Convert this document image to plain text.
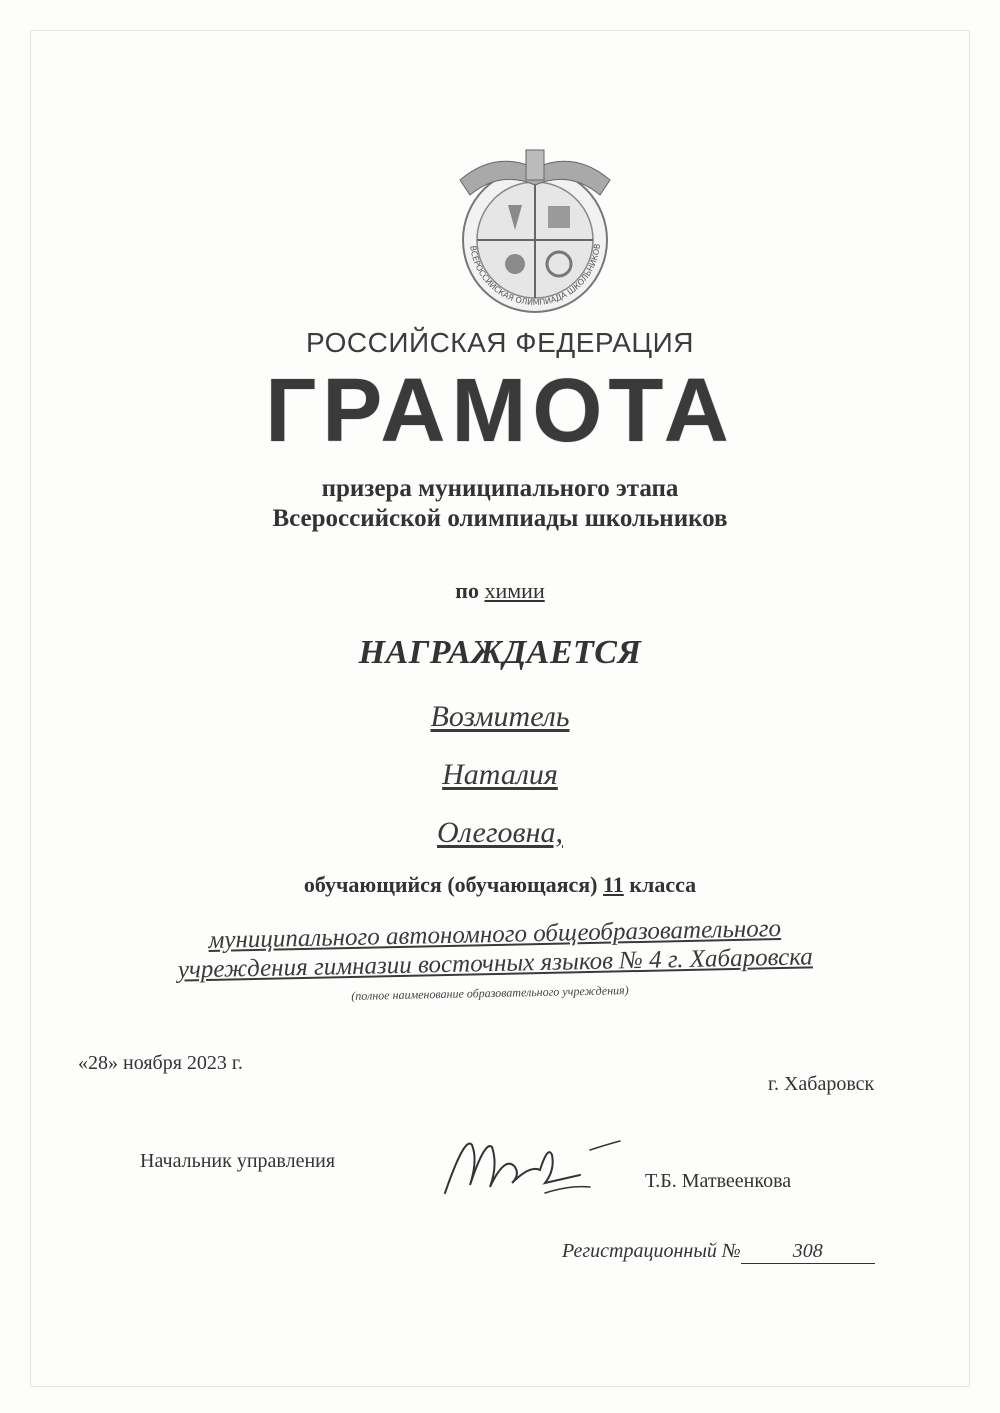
ВСЕРОССИЙСКАЯ ОЛИМПИАДА ШКОЛЬНИКОВ
РОССИЙСКАЯ ФЕДЕРАЦИЯ
ГРАМОТА
призера муниципального этапа
Всероссийской олимпиады школьников
по химии
НАГРАЖДАЕТСЯ
Возмитель
Наталия
Олеговна,
обучающийся (обучающаяся) 11 класса
муниципального автономного общеобразовательного
учреждения гимназии восточных языков № 4 г. Хабаровска
(полное наименование образовательного учреждения)
«28» ноября 2023 г.
г. Хабаровск
Начальник управления
Т.Б. Матвеенкова
Регистрационный №	308
